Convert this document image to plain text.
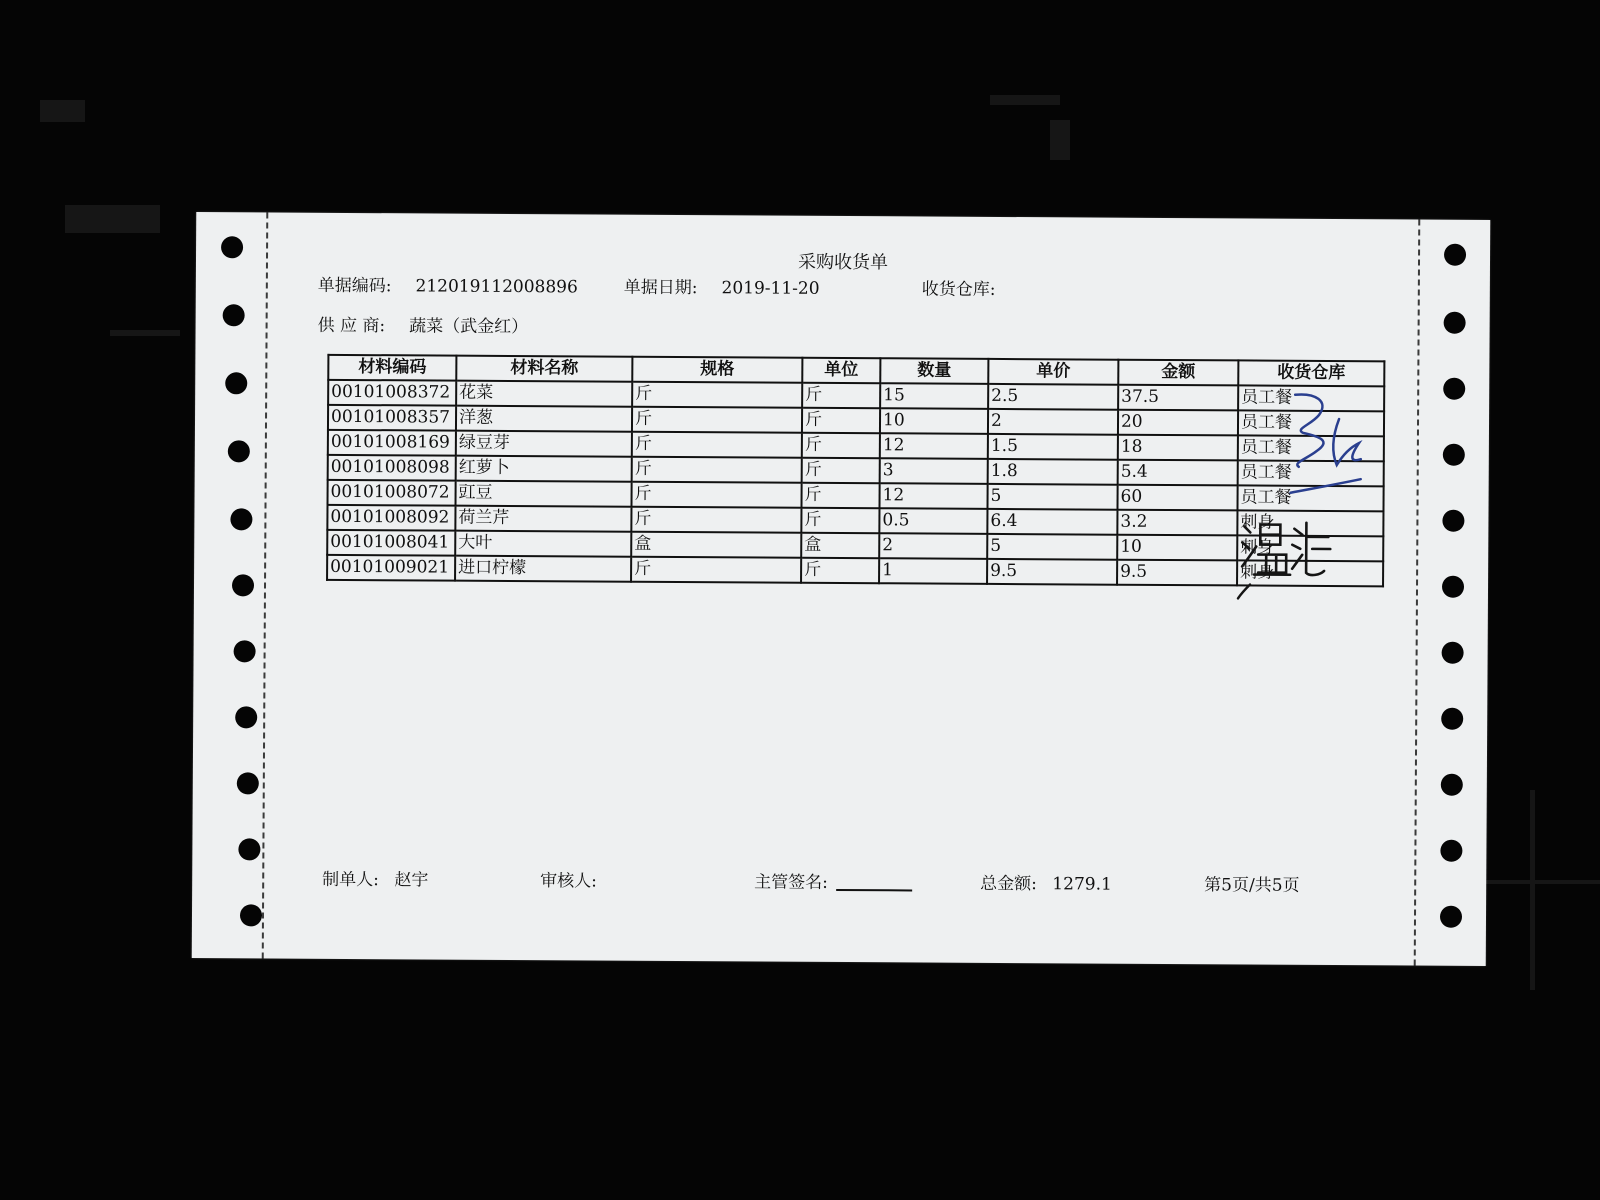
采购收货单
单据编码: 212019112008896	单据日期: 2019-11-20	收货仓库:
供 应 商: 蔬菜（武金红）
材料编码	材料名称	规格	单位	数量	单价	金额	收货仓库
00101008372	花菜	斤	斤	15	2.5	37.5	员工餐
00101008357	洋葱	斤	斤	10	2	20	员工餐
00101008169	绿豆芽	斤	斤	12	1.5	18	员工餐
00101008098	红萝卜	斤	斤	3	1.8	5.4	员工餐
00101008072	豇豆	斤	斤	12	5	60	员工餐
00101008092	荷兰芹	斤	斤	0.5	6.4	3.2	刺身
00101008041	大叶	盒	盒	2	5	10	刺身
00101009021	进口柠檬	斤	斤	1	9.5	9.5	刺身
制单人: 赵宇	审核人:	主管签名:	总金额: 1279.1	第5页/共5页
